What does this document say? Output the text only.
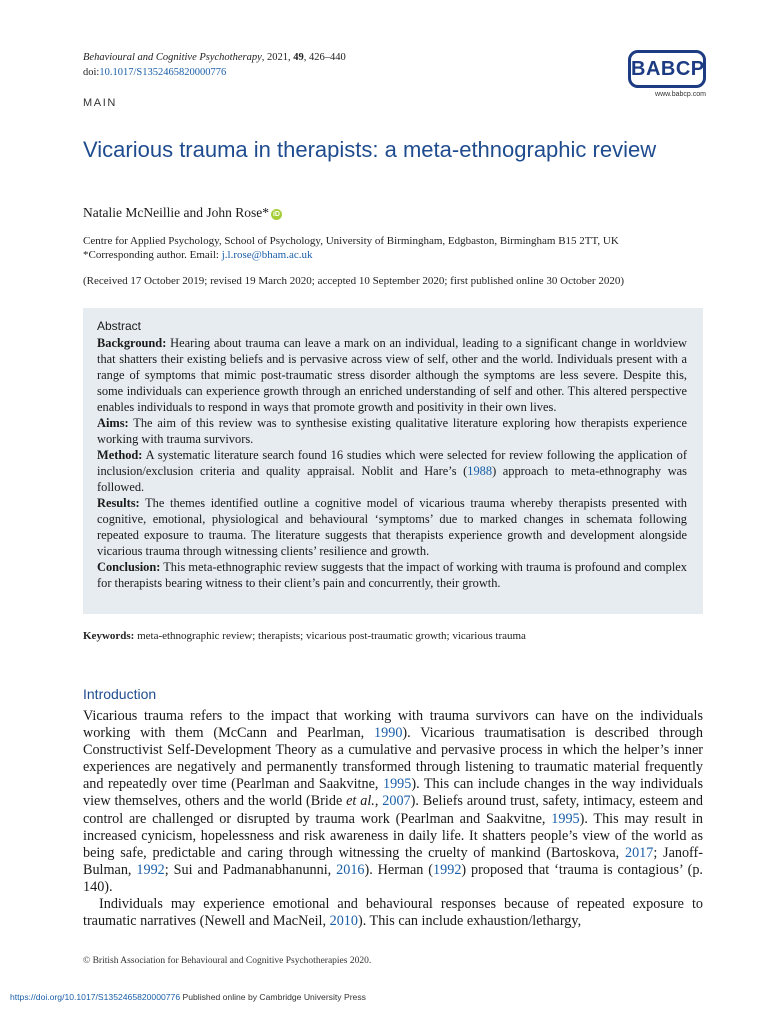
Behavioural and Cognitive Psychotherapy, 2021, 49, 426–440
doi:10.1017/S1352465820000776	BABCP
www.babcp.com
MAIN
Vicarious trauma in therapists: a meta-ethnographic review
Natalie McNeillie and John Rose* iD
Centre for Applied Psychology, School of Psychology, University of Birmingham, Edgbaston, Birmingham B15 2TT, UK
*Corresponding author. Email: j.l.rose@bham.ac.uk
(Received 17 October 2019; revised 19 March 2020; accepted 10 September 2020; first published online 30 October 2020)
Abstract

Background: Hearing about trauma can leave a mark on an individual, leading to a significant change in worldview that shatters their existing beliefs and is pervasive across view of self, other and the world. Individuals present with a range of symptoms that mimic post-traumatic stress disorder although the symptoms are less severe. Despite this, some individuals can experience growth through an enriched understanding of self and other. This altered perspective enables individuals to respond in ways that promote growth and positivity in their own lives.

Aims: The aim of this review was to synthesise existing qualitative literature exploring how therapists experience working with trauma survivors.

Method: A systematic literature search found 16 studies which were selected for review following the application of inclusion/exclusion criteria and quality appraisal. Noblit and Hare’s (1988) approach to meta-ethnography was followed.

Results: The themes identified outline a cognitive model of vicarious trauma whereby therapists presented with cognitive, emotional, physiological and behavioural ‘symptoms’ due to marked changes in schemata following repeated exposure to trauma. The literature suggests that therapists experience growth and development alongside vicarious trauma through witnessing clients’ resilience and growth.

Conclusion: This meta-ethnographic review suggests that the impact of working with trauma is profound and complex for therapists bearing witness to their client’s pain and concurrently, their growth.

Keywords: meta-ethnographic review; therapists; vicarious post-traumatic growth; vicarious trauma
Introduction

Vicarious trauma refers to the impact that working with trauma survivors can have on the individuals working with them (McCann and Pearlman, 1990). Vicarious traumatisation is described through Constructivist Self-Development Theory as a cumulative and pervasive process in which the helper’s inner experiences are negatively and permanently transformed through listening to traumatic material frequently and repeatedly over time (Pearlman and Saakvitne, 1995). This can include changes in the way individuals view themselves, others and the world (Bride et al., 2007). Beliefs around trust, safety, intimacy, esteem and control are challenged or disrupted by trauma work (Pearlman and Saakvitne, 1995). This may result in increased cynicism, hopelessness and risk awareness in daily life. It shatters people’s view of the world as being safe, predictable and caring through witnessing the cruelty of mankind (Bartoskova, 2017; Janoff-Bulman, 1992; Sui and Padmanabhanunni, 2016). Herman (1992) proposed that ‘trauma is contagious’ (p. 140).

Individuals may experience emotional and behavioural responses because of repeated exposure to traumatic narratives (Newell and MacNeil, 2010). This can include exhaustion/lethargy,

© British Association for Behavioural and Cognitive Psychotherapies 2020.
https://doi.org/10.1017/S1352465820000776 Published online by Cambridge University Press
